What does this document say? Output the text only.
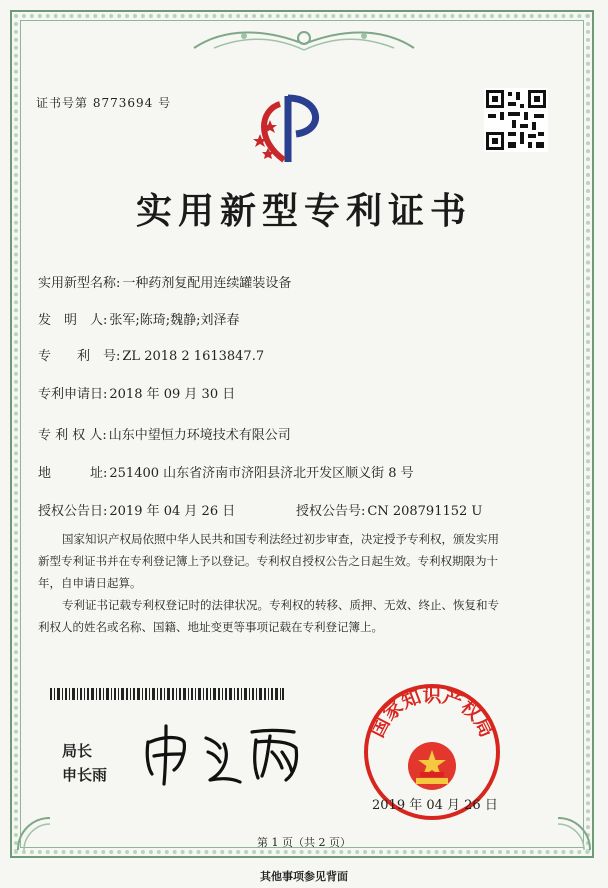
证书号第 8773694 号
实用新型专利证书
实用新型名称: 一种药剂复配用连续罐装设备
发　明　人: 张军;陈琦;魏静;刘泽春
专　　利　号: ZL 2018 2 1613847.7
专利申请日: 2018 年 09 月 30 日
专 利 权 人: 山东中望恒力环境技术有限公司
地　　　址: 251400 山东省济南市济阳县济北开发区顺义街 8 号
授权公告日: 2019 年 04 月 26 日	授权公告号: CN 208791152 U
国家知识产权局依照中华人民共和国专利法经过初步审查，决定授予专利权，颁发实用
新型专利证书并在专利登记簿上予以登记。专利权自授权公告之日起生效。专利权期限为十
年，自申请日起算。
专利证书记载专利权登记时的法律状况。专利权的转移、质押、无效、终止、恢复和专
利权人的姓名或名称、国籍、地址变更等事项记载在专利登记簿上。
局长
申长雨
国家知识产权局
2019 年 04 月 26 日
第 1 页（共 2 页）
其他事项参见背面
